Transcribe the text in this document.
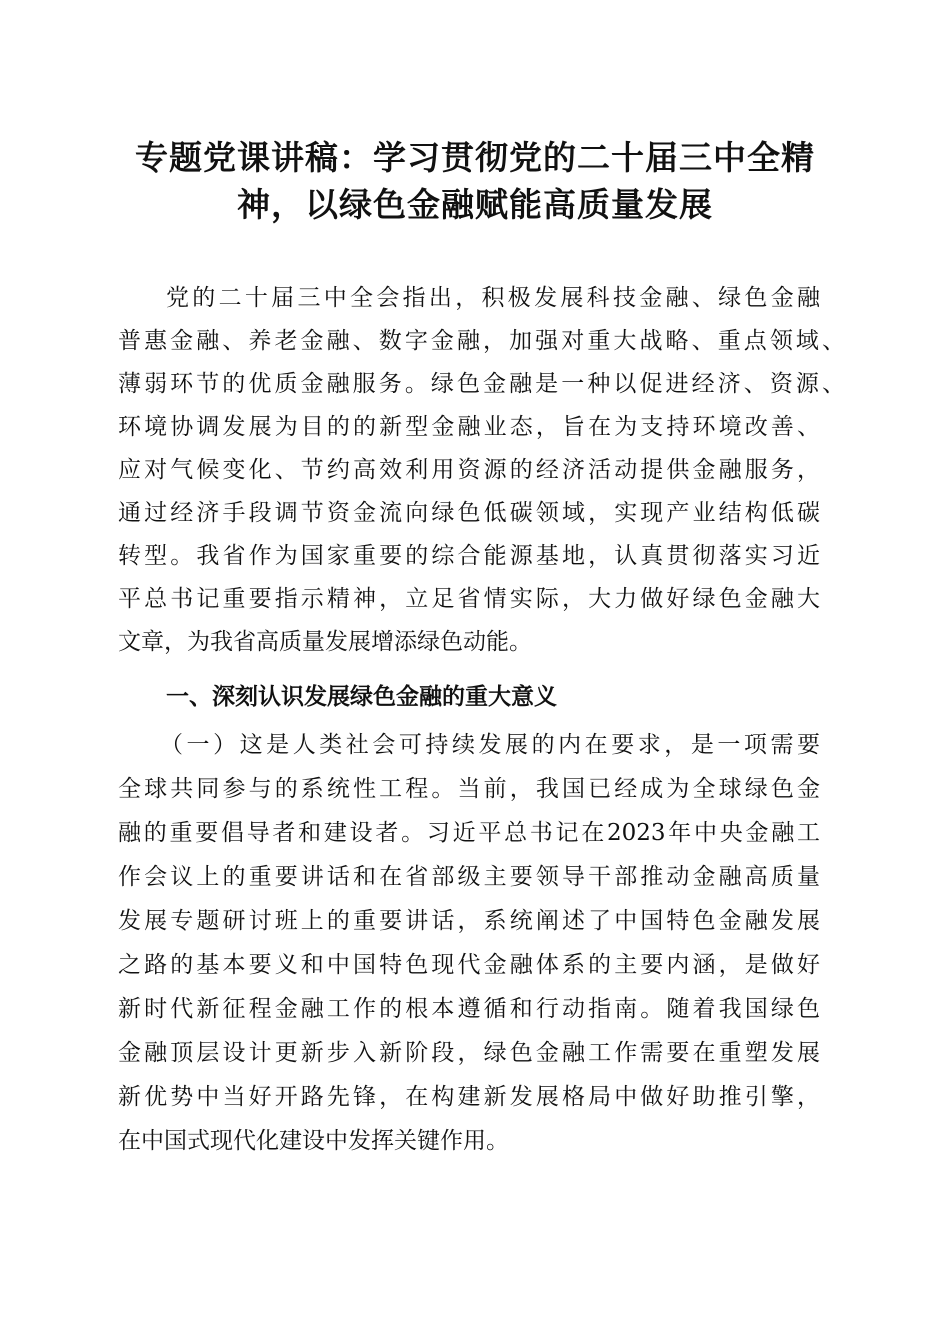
专题党课讲稿：学习贯彻党的二十届三中全精
神，以绿色金融赋能高质量发展
党的二十届三中全会指出，积极发展科技金融、绿色金融
普惠金融、养老金融、数字金融，加强对重大战略、重点领域、
薄弱环节的优质金融服务。绿色金融是一种以促进经济、资源、
环境协调发展为目的的新型金融业态，旨在为支持环境改善、
应对气候变化、节约高效利用资源的经济活动提供金融服务，
通过经济手段调节资金流向绿色低碳领域，实现产业结构低碳
转型。我省作为国家重要的综合能源基地，认真贯彻落实习近
平总书记重要指示精神，立足省情实际，大力做好绿色金融大
文章，为我省高质量发展增添绿色动能。
一、深刻认识发展绿色金融的重大意义
（一）这是人类社会可持续发展的内在要求，是一项需要
全球共同参与的系统性工程。当前，我国已经成为全球绿色金
融的重要倡导者和建设者。习近平总书记在2023年中央金融工
作会议上的重要讲话和在省部级主要领导干部推动金融高质量
发展专题研讨班上的重要讲话，系统阐述了中国特色金融发展
之路的基本要义和中国特色现代金融体系的主要内涵，是做好
新时代新征程金融工作的根本遵循和行动指南。随着我国绿色
金融顶层设计更新步入新阶段，绿色金融工作需要在重塑发展
新优势中当好开路先锋，在构建新发展格局中做好助推引擎，
在中国式现代化建设中发挥关键作用。
